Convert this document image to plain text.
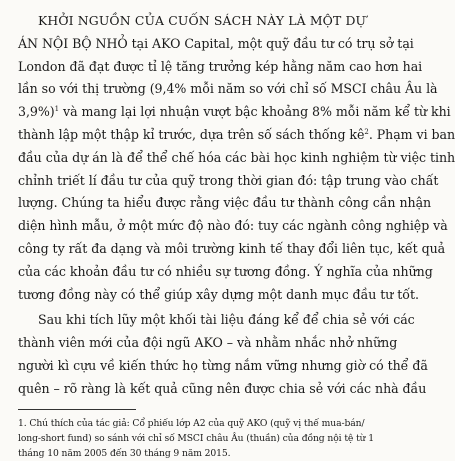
KHỞI NGUỒN CỦA CUỐN SÁCH NÀY LÀ MỘT DỰ
ÁN NỘI BỘ NHỎ tại AKO Capital, một quỹ đầu tư có trụ sở tại
London đã đạt được tỉ lệ tăng trưởng kép hằng năm cao hơn hai
lần so với thị trường (9,4% mỗi năm so với chỉ số MSCI châu Âu là
3,9%)$^1$ và mang lại lợi nhuận vượt bậc khoảng 8% mỗi năm kể từ khi
thành lập một thập kỉ trước, dựa trên số sách thống $kê^2$. Phạm vi ban
đầu của dự án là để thể chế hóa các bài học kinh nghiệm từ việc tinh
chỉnh triết lí đầu tư của quỹ trong thời gian đó: tập trung vào chất
lượng. Chúng ta hiểu được rằng việc đầu tư thành công cần nhận
diện hình mẫu, ở một mức độ nào đó: tuy các ngành công nghiệp và
công ty rất đa dạng và môi trường kinh tế thay đổi liên tục, kết quả
của các khoản đầu tư có nhiều sự tương đồng. Ý nghĩa của những
tương đồng này có thể giúp xây dựng một danh mục đầu tư tốt.

Sau khi tích lũy một khối tài liệu đáng kể để chia sẻ với các
thành viên mới của đội ngũ AKO – và nhằm nhắc nhở những
người kì cựu về kiến thức họ từng nắm vững nhưng giờ có thể đã
quên – rõ ràng là kết quả cũng nên được chia sẻ với các nhà đầu

1. Chú thích của tác giả: Cổ phiếu lớp A2 của quỹ AKO (quỹ vị thế mua-bán/
long-short fund) so sánh với chỉ số MSCI châu Âu (thuần) của đồng nội tệ từ 1
tháng 10 năm 2005 đến 30 tháng 9 năm 2015.
